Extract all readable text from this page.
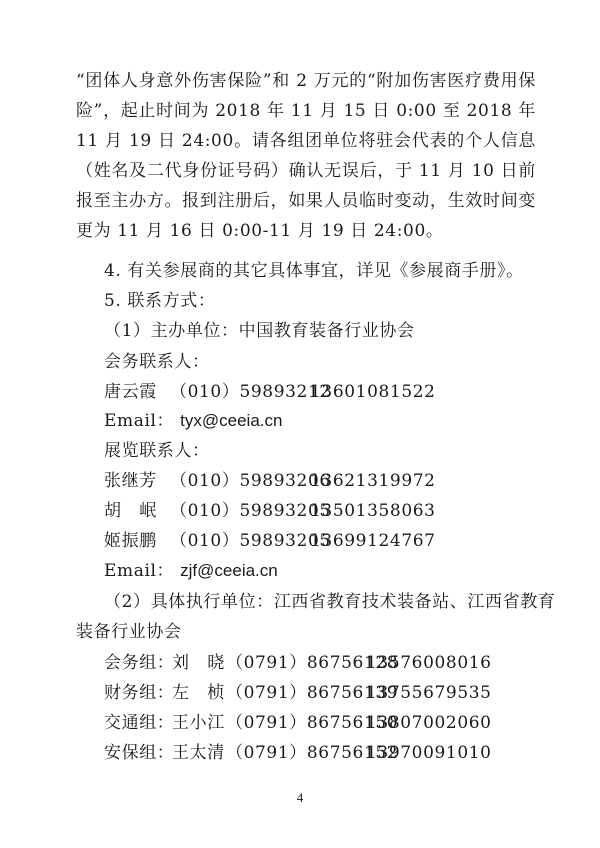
“团体人身意外伤害保险”和 2 万元的“附加伤害医疗费用保险”，起止时间为 2018 年 11 月 15 日 0:00 至 2018 年 11 月 19 日 24:00。请各组团单位将驻会代表的个人信息（姓名及二代身份证号码）确认无误后，于 11 月 10 日前报至主办方。报到注册后，如果人员临时变动，生效时间变更为 11 月 16 日 0:00-11 月 19 日 24:00。
4. 有关参展商的其它具体事宜，详见《参展商手册》。
5. 联系方式：
（1）主办单位：中国教育装备行业协会
会务联系人：
唐云霞 （010）5989321213601081522
Email： tyx@ceeia.cn
展览联系人：
张继芳 （010）5989320613621319972
胡　岷 （010）5989320513501358063
姬振鹏 （010）5989320513699124767
Email： zjf@ceeia.cn
（2）具体执行单位：江西省教育技术装备站、江西省教育
装备行业协会
会务组：刘　晓（0791）8675612813576008016
财务组：左　桢（0791）8675613913755679535
交通组：王小江（0791）8675615013807002060
安保组：王太清（0791）8675615213970091010
4
